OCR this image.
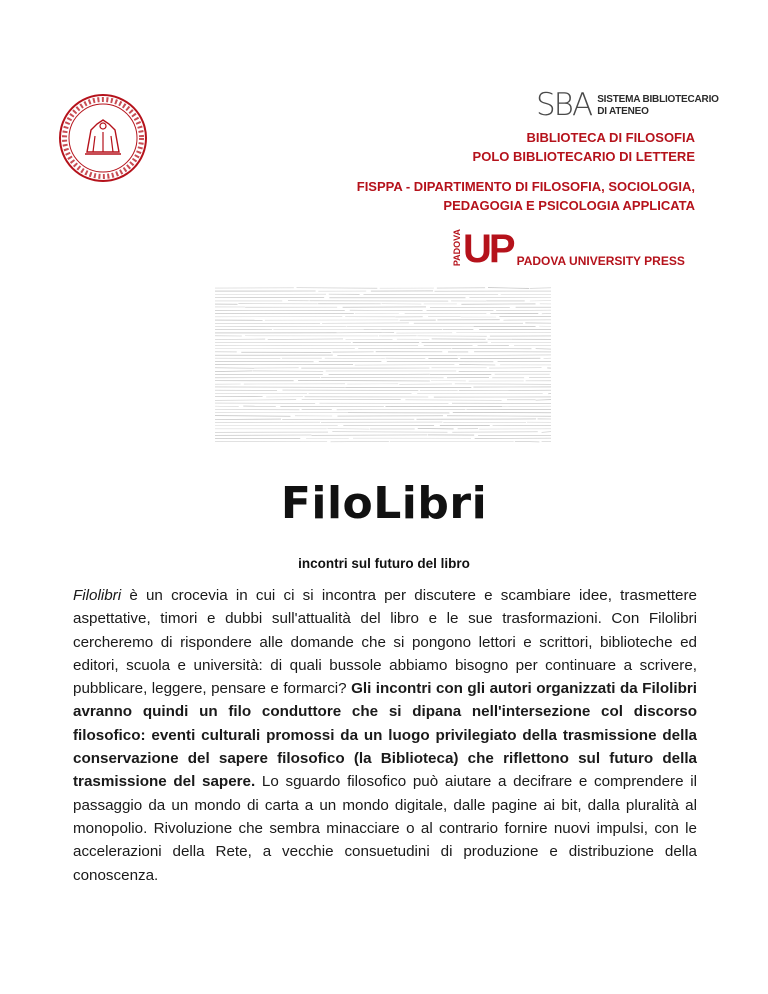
SBA SISTEMA BIBLIOTECARIO
DI ATENEO
BIBLIOTECA DI FILOSOFIA
POLO BIBLIOTECARIO DI LETTERE
FISPPA - DIPARTIMENTO DI FILOSOFIA, SOCIOLOGIA,
PEDAGOGIA E PSICOLOGIA APPLICATA
PADOVA UP PADOVA UNIVERSITY PRESS
FiloLibri
incontri sul futuro del libro
Filolibri è un crocevia in cui ci si incontra per discutere e scambiare idee, trasmettere aspettative, timori e dubbi sull'attualità del libro e le sue trasformazioni. Con Filolibri cercheremo di rispondere alle domande che si pongono lettori e scrittori, biblioteche ed editori, scuola e università: di quali bussole abbiamo bisogno per continuare a scrivere, pubblicare, leggere, pensare e formarci? Gli incontri con gli autori organizzati da Filolibri avranno quindi un filo conduttore che si dipana nell'intersezione col discorso filosofico: eventi culturali promossi da un luogo privilegiato della trasmissione della conservazione del sapere filosofico (la Biblioteca) che riflettono sul futuro della trasmissione del sapere. Lo sguardo filosofico può aiutare a decifrare e comprendere il passaggio da un mondo di carta a un mondo digitale, dalle pagine ai bit, dalla pluralità al monopolio. Rivoluzione che sembra minacciare o al contrario fornire nuovi impulsi, con le accelerazioni della Rete, a vecchie consuetudini di produzione e distribuzione della conoscenza.
